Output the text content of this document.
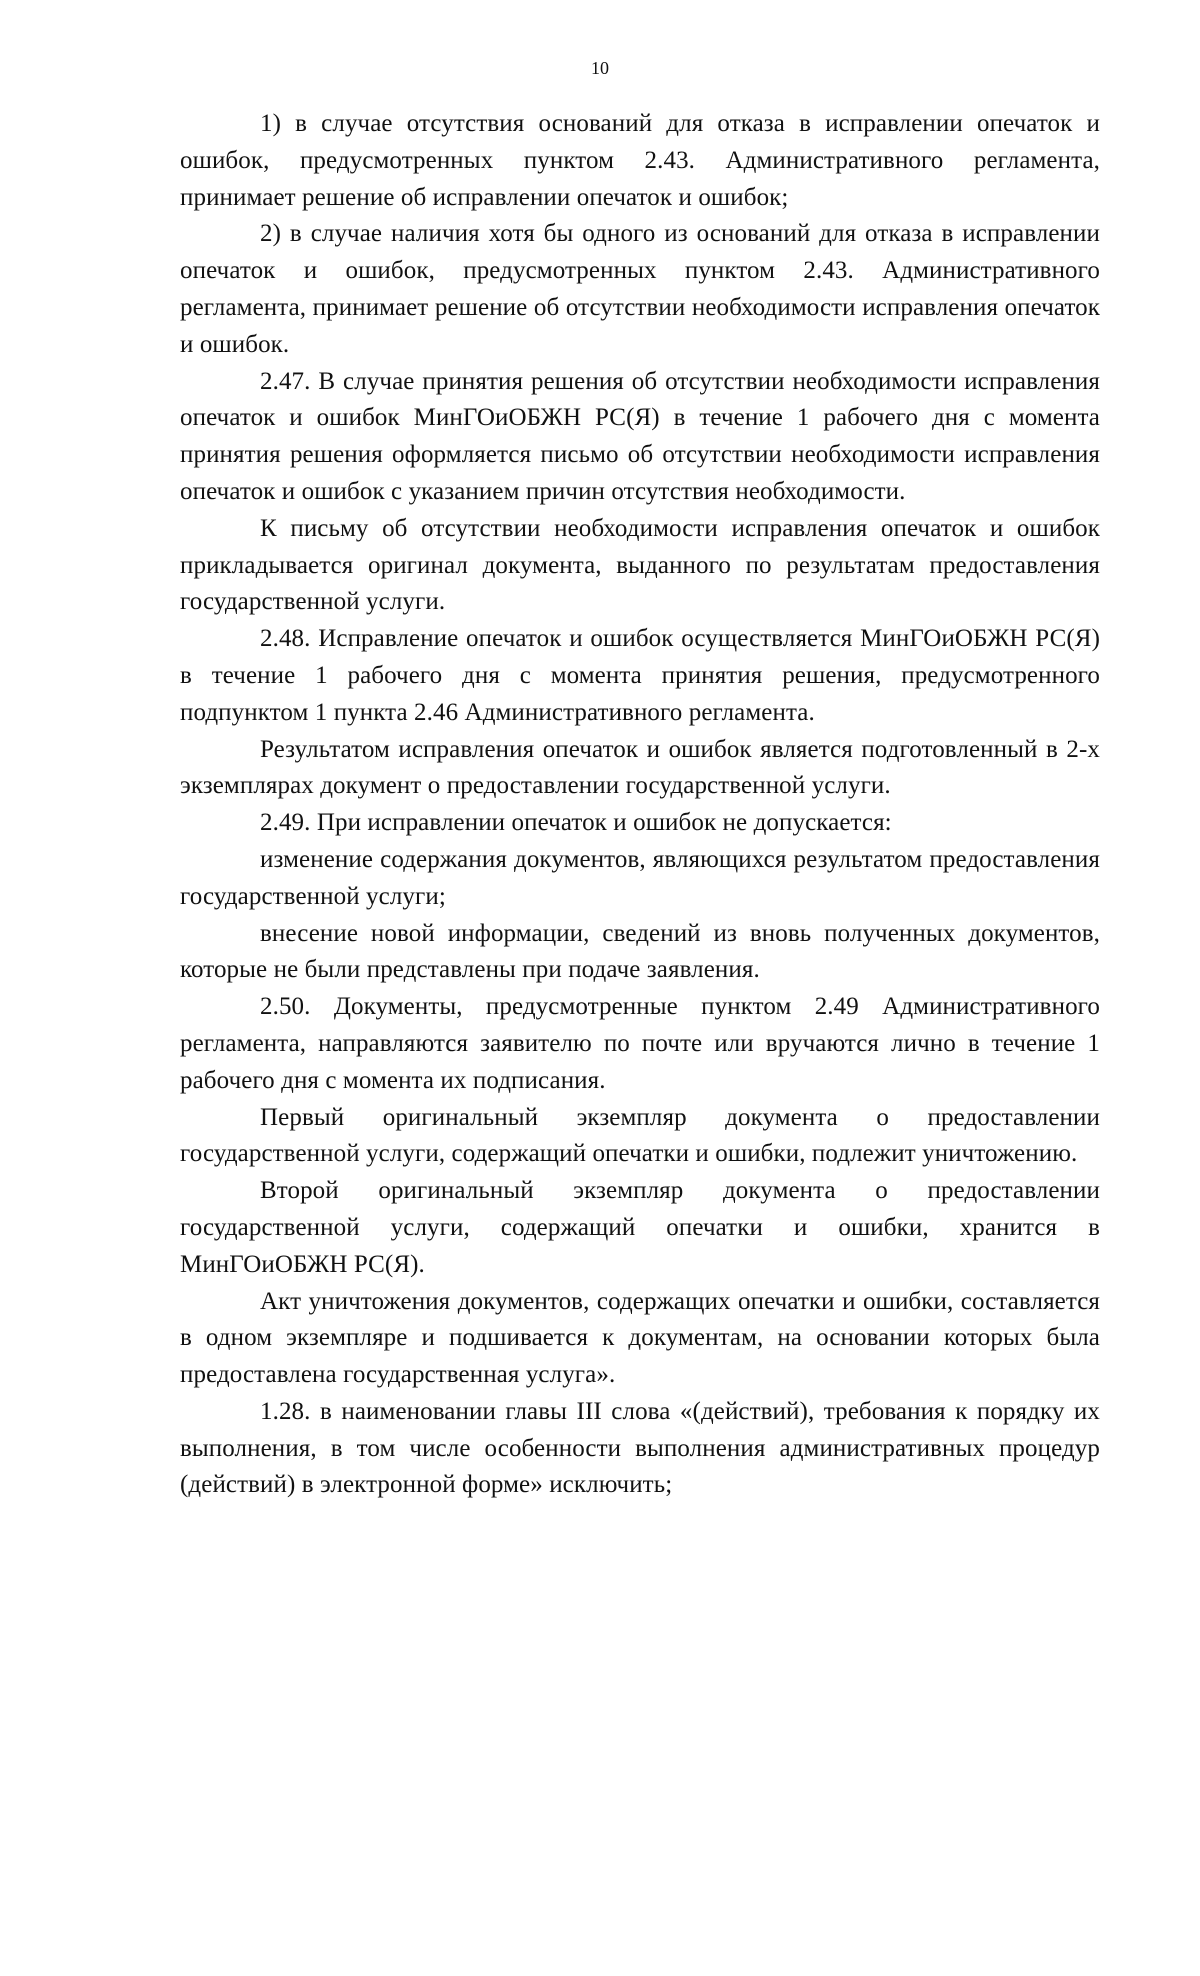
10

1) в случае отсутствия оснований для отказа в исправлении опечаток и ошибок, предусмотренных пунктом 2.43. Административного регламента, принимает решение об исправлении опечаток и ошибок;

2) в случае наличия хотя бы одного из оснований для отказа в исправлении опечаток и ошибок, предусмотренных пунктом 2.43. Административного регламента, принимает решение об отсутствии необходимости исправления опечаток и ошибок.

2.47. В случае принятия решения об отсутствии необходимости исправления опечаток и ошибок МинГОиОБЖН РС(Я) в течение 1 рабочего дня с момента принятия решения оформляется письмо об отсутствии необходимости исправления опечаток и ошибок с указанием причин отсутствия необходимости.

К письму об отсутствии необходимости исправления опечаток и ошибок прикладывается оригинал документа, выданного по результатам предоставления государственной услуги.

2.48. Исправление опечаток и ошибок осуществляется МинГОиОБЖН РС(Я) в течение 1 рабочего дня с момента принятия решения, предусмотренного подпунктом 1 пункта 2.46 Административного регламента.

Результатом исправления опечаток и ошибок является подготовленный в 2-х экземплярах документ о предоставлении государственной услуги.

2.49. При исправлении опечаток и ошибок не допускается:

изменение содержания документов, являющихся результатом предоставления государственной услуги;

внесение новой информации, сведений из вновь полученных документов, которые не были представлены при подаче заявления.

2.50. Документы, предусмотренные пунктом 2.49 Административного регламента, направляются заявителю по почте или вручаются лично в течение 1 рабочего дня с момента их подписания.

Первый оригинальный экземпляр документа о предоставлении государственной услуги, содержащий опечатки и ошибки, подлежит уничтожению.

Второй оригинальный экземпляр документа о предоставлении государственной услуги, содержащий опечатки и ошибки, хранится в МинГОиОБЖН РС(Я).

Акт уничтожения документов, содержащих опечатки и ошибки, составляется в одном экземпляре и подшивается к документам, на основании которых была предоставлена государственная услуга».

1.28. в наименовании главы III слова «(действий), требования к порядку их выполнения, в том числе особенности выполнения административных процедур (действий) в электронной форме» исключить;
